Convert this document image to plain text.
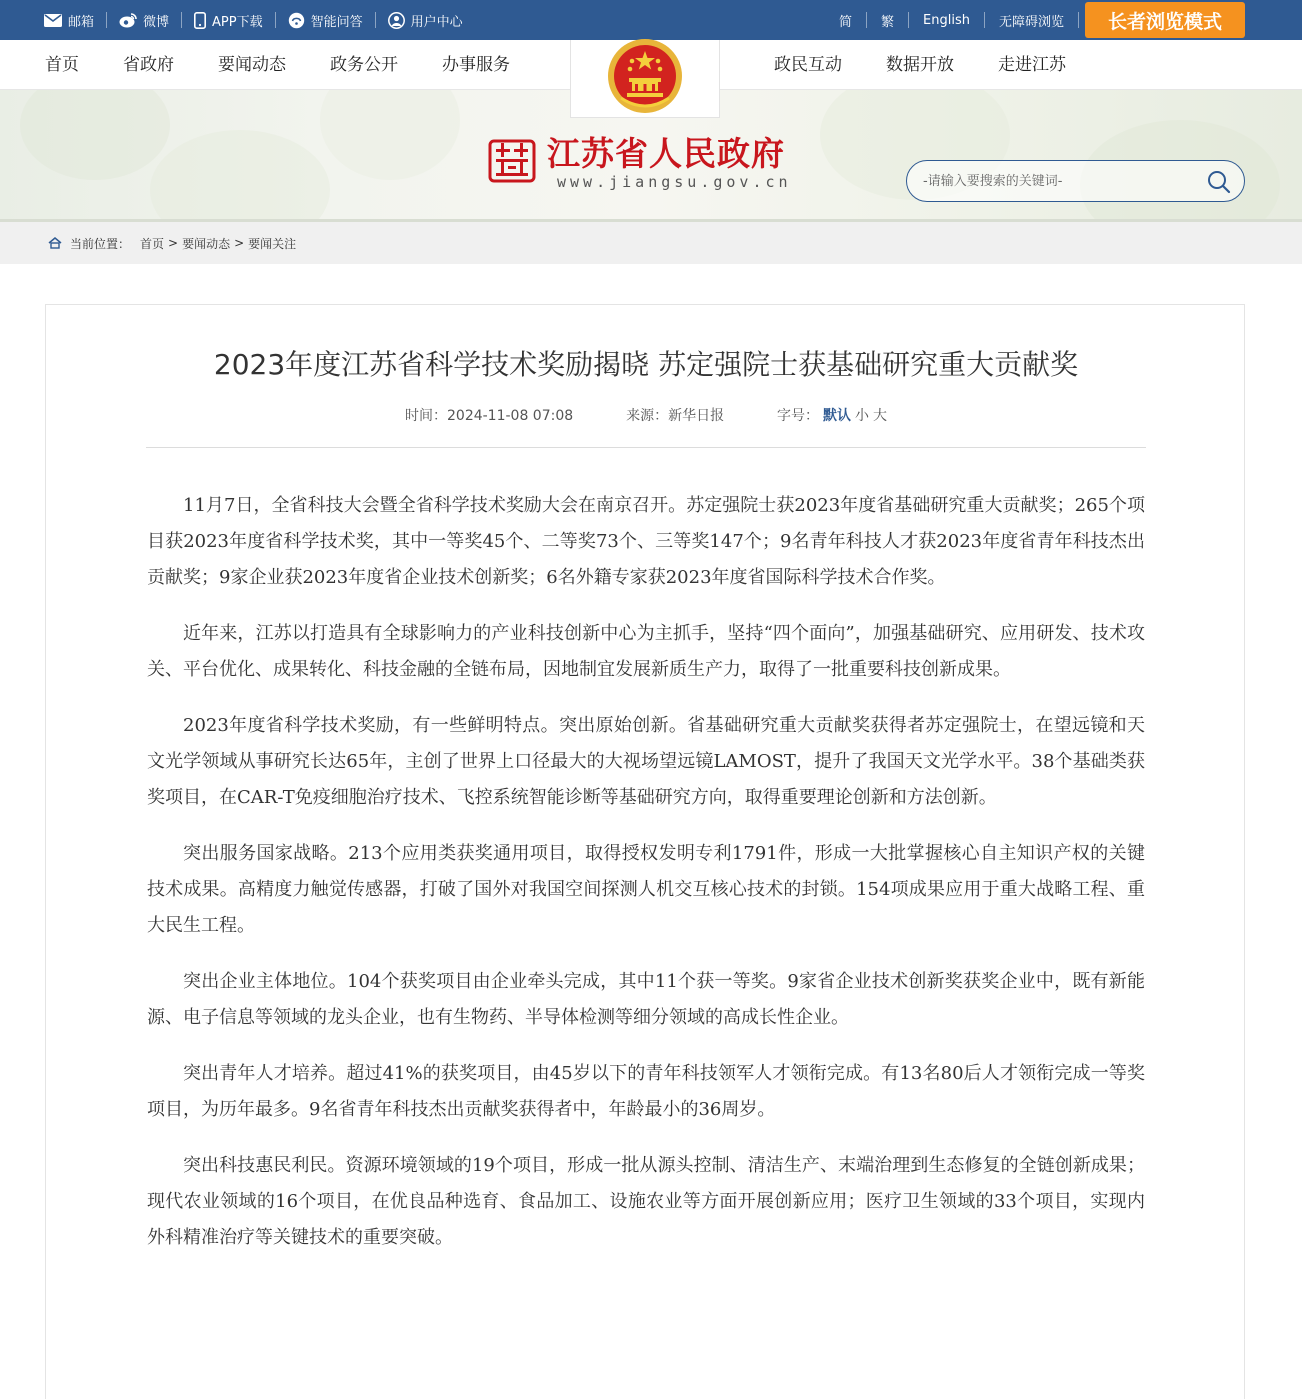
邮箱	微博	APP下载	智能问答	用户中心	简	繁	English	无障碍浏览	长者浏览模式
首页	省政府	要闻动态	政务公开	办事服务	政民互动	数据开放	走进江苏
江苏省人民政府
www.jiangsu.gov.cn
-请输入要搜索的关键词-
当前位置： 首页 > 要闻动态 > 要闻关注
2023年度江苏省科学技术奖励揭晓 苏定强院士获基础研究重大贡献奖
时间：2024-11-08 07:08	来源：新华日报	字号： 默认 小 大

11月7日，全省科技大会暨全省科学技术奖励大会在南京召开。苏定强院士获2023年度省基础研究重大贡献奖；265个项目获2023年度省科学技术奖，其中一等奖45个、二等奖73个、三等奖147个；9名青年科技人才获2023年度省青年科技杰出贡献奖；9家企业获2023年度省企业技术创新奖；6名外籍专家获2023年度省国际科学技术合作奖。

近年来，江苏以打造具有全球影响力的产业科技创新中心为主抓手，坚持“四个面向”，加强基础研究、应用研发、技术攻关、平台优化、成果转化、科技金融的全链布局，因地制宜发展新质生产力，取得了一批重要科技创新成果。

2023年度省科学技术奖励，有一些鲜明特点。突出原始创新。省基础研究重大贡献奖获得者苏定强院士，在望远镜和天文光学领域从事研究长达65年，主创了世界上口径最大的大视场望远镜LAMOST，提升了我国天文光学水平。38个基础类获奖项目，在CAR-T免疫细胞治疗技术、飞控系统智能诊断等基础研究方向，取得重要理论创新和方法创新。

突出服务国家战略。213个应用类获奖通用项目，取得授权发明专利1791件，形成一大批掌握核心自主知识产权的关键技术成果。高精度力触觉传感器，打破了国外对我国空间探测人机交互核心技术的封锁。154项成果应用于重大战略工程、重大民生工程。

突出企业主体地位。104个获奖项目由企业牵头完成，其中11个获一等奖。9家省企业技术创新奖获奖企业中，既有新能源、电子信息等领域的龙头企业，也有生物药、半导体检测等细分领域的高成长性企业。

突出青年人才培养。超过41%的获奖项目，由45岁以下的青年科技领军人才领衔完成。有13名80后人才领衔完成一等奖项目，为历年最多。9名省青年科技杰出贡献奖获得者中，年龄最小的36周岁。

突出科技惠民利民。资源环境领域的19个项目，形成一批从源头控制、清洁生产、末端治理到生态修复的全链创新成果；现代农业领域的16个项目，在优良品种选育、食品加工、设施农业等方面开展创新应用；医疗卫生领域的33个项目，实现内外科精准治疗等关键技术的重要突破。
